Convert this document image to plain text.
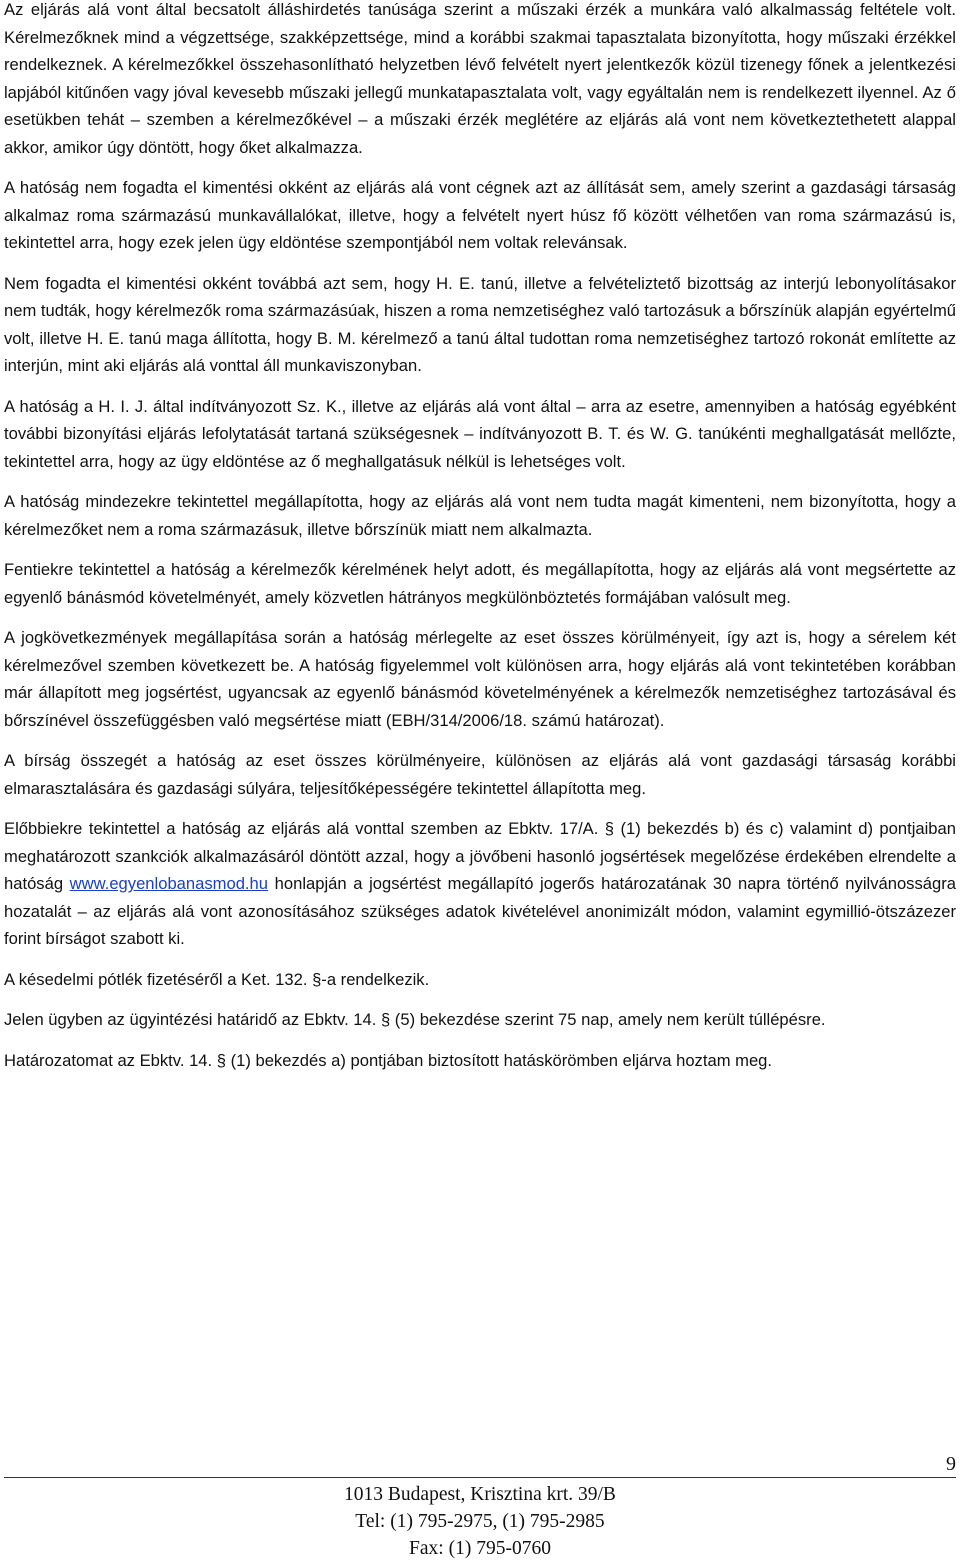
Az eljárás alá vont által becsatolt álláshirdetés tanúsága szerint a műszaki érzék a munkára való alkalmasság feltétele volt. Kérelmezőknek mind a végzettsége, szakképzettsége, mind a korábbi szakmai tapasztalata bizonyította, hogy műszaki érzékkel rendelkeznek. A kérelmezőkkel összehasonlítható helyzetben lévő felvételt nyert jelentkezők közül tizenegy főnek a jelentkezési lapjából kitűnően vagy jóval kevesebb műszaki jellegű munkatapasztalata volt, vagy egyáltalán nem is rendelkezett ilyennel. Az ő esetükben tehát – szemben a kérelmezőkével – a műszaki érzék meglétére az eljárás alá vont nem következtethetett alappal akkor, amikor úgy döntött, hogy őket alkalmazza.

A hatóság nem fogadta el kimentési okként az eljárás alá vont cégnek azt az állítását sem, amely szerint a gazdasági társaság alkalmaz roma származású munkavállalókat, illetve, hogy a felvételt nyert húsz fő között vélhetően van roma származású is, tekintettel arra, hogy ezek jelen ügy eldöntése szempontjából nem voltak relevánsak.

Nem fogadta el kimentési okként továbbá azt sem, hogy H. E. tanú, illetve a felvételiztető bizottság az interjú lebonyolításakor nem tudták, hogy kérelmezők roma származásúak, hiszen a roma nemzetiséghez való tartozásuk a bőrszínük alapján egyértelmű volt, illetve H. E. tanú maga állította, hogy B. M. kérelmező a tanú által tudottan roma nemzetiséghez tartozó rokonát említette az interjún, mint aki eljárás alá vonttal áll munkaviszonyban.

A hatóság a H. I. J. által indítványozott Sz. K., illetve az eljárás alá vont által – arra az esetre, amennyiben a hatóság egyébként további bizonyítási eljárás lefolytatását tartaná szükségesnek – indítványozott B. T. és W. G. tanúkénti meghallgatását mellőzte, tekintettel arra, hogy az ügy eldöntése az ő meghallgatásuk nélkül is lehetséges volt.

A hatóság mindezekre tekintettel megállapította, hogy az eljárás alá vont nem tudta magát kimenteni, nem bizonyította, hogy a kérelmezőket nem a roma származásuk, illetve bőrszínük miatt nem alkalmazta.

Fentiekre tekintettel a hatóság a kérelmezők kérelmének helyt adott, és megállapította, hogy az eljárás alá vont megsértette az egyenlő bánásmód követelményét, amely közvetlen hátrányos megkülönböztetés formájában valósult meg.

A jogkövetkezmények megállapítása során a hatóság mérlegelte az eset összes körülményeit, így azt is, hogy a sérelem két kérelmezővel szemben következett be. A hatóság figyelemmel volt különösen arra, hogy eljárás alá vont tekintetében korábban már állapított meg jogsértést, ugyancsak az egyenlő bánásmód követelményének a kérelmezők nemzetiséghez tartozásával és bőrszínével összefüggésben való megsértése miatt (EBH/314/2006/18. számú határozat).

A bírság összegét a hatóság az eset összes körülményeire, különösen az eljárás alá vont gazdasági társaság korábbi elmarasztalására és gazdasági súlyára, teljesítőképességére tekintettel állapította meg.

Előbbiekre tekintettel a hatóság az eljárás alá vonttal szemben az Ebktv. 17/A. § (1) bekezdés b) és c) valamint d) pontjaiban meghatározott szankciók alkalmazásáról döntött azzal, hogy a jövőbeni hasonló jogsértések megelőzése érdekében elrendelte a hatóság www.egyenlobanasmod.hu honlapján a jogsértést megállapító jogerős határozatának 30 napra történő nyilvánosságra hozatalát – az eljárás alá vont azonosításához szükséges adatok kivételével anonimizált módon, valamint egymillió-ötszázezer forint bírságot szabott ki.

A késedelmi pótlék fizetéséről a Ket. 132. §-a rendelkezik.

Jelen ügyben az ügyintézési határidő az Ebktv. 14. § (5) bekezdése szerint 75 nap, amely nem került túllépésre.

Határozatomat az Ebktv. 14. § (1) bekezdés a) pontjában biztosított hatáskörömben eljárva hoztam meg.

9
1013 Budapest, Krisztina krt. 39/B
Tel: (1) 795-2975, (1) 795-2985
Fax: (1) 795-0760
